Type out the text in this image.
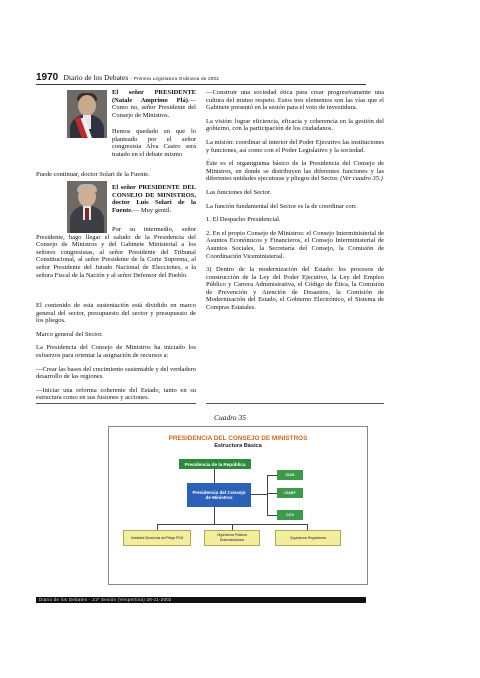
1970 Diario de los Debates - Primera Legislatura Ordinaria de 2002
El señor PRESIDENTE (Natale Amprimo Plá).— Como no, señor Presidente del Consejo de Ministros.

Hemos quedado en que lo planteado por el señor congresista Alva Castro será tratado en el debate mismo

Puede continuar, doctor Solari de la Fuente.

El señor PRESIDENTE DEL CONSEJO DE MINISTROS, doctor Luis Solari de la Fuente.— Muy gentil.

Por su intermedio, señor Presidente, hago llegar el saludo de la Presidencia del Consejo de Ministros y del Gabinete Ministerial a los señores congresistas, al señor Presidente del Tribunal Constitucional, al señor Presidente de la Corte Suprema, al señor Presidente del Jurado Nacional de Elecciones, a la señora Fiscal de la Nación y al señor Defensor del Pueblo.

El contenido de esta sustentación está dividido en marco general del sector, presupuesto del sector y presupuesto de los pliegos.

Marco general del Sector.

La Presidencia del Consejo de Ministros ha iniciado los esfuerzos para orientar la asignación de recursos a:

—Crear las bases del crecimiento sustentable y del verdadero desarrollo de las regiones.

—Iniciar una reforma coherente del Estado, tanto en su estructura como en sus fusiones y acciones.

—Construir una sociedad ética para crear progresivamente una cultura del mutuo respeto. Estos tres elementos son las vías que el Gabinete presentó en la sesión para el voto de investidura.

La visión: lograr eficiencia, eficacia y coherencia en la gestión del gobierno, con la participación de los ciudadanos.

La misión: coordinar al interior del Poder Ejecutivo las instituciones y funciones, así como con el Poder Legislativo y la sociedad.

Éste es el organigrama básico de la Presidencia del Consejo de Ministros, en donde se distribuyen las diferentes funciones y las diferentes unidades ejecutoras y pliegos del Sector. (Ver cuadro 35.)

Las funciones del Sector.

La función fundamental del Sector es la de coordinar con:

1. El Despacho Presidencial.

2. En el propio Consejo de Ministros: el Consejo Interministerial de Asuntos Económicos y Financieros, el Consejo Interministerial de Asuntos Sociales, la Secretaría del Consejo, la Comisión de Coordinación Viceministerial.

3) Dentro de la modernización del Estado: los procesos de construcción de la Ley del Poder Ejecutivo, la Ley del Empleo Público y Carrera Administrativa, el Código de Ética, la Comisión de Prevención y Atención de Desastres, la Comisión de Modernización del Estado, el Gobierno Electrónico, el Sistema de Compras Estatales.

Cuadro 35
PRESIDENCIA DEL CONSEJO DE MINISTROS
Estructura Básica
Presidencia de la República
Presidencia del Consejo de Ministros
CIAS
CIAEF
CCV
Unidades Ejecutoras del Pliego PCM
Organismos Públicos Descentralizados
Organismos Reguladores
Diario de los Debates - 21ª Sesión (Vespertina) 28-11-2002
